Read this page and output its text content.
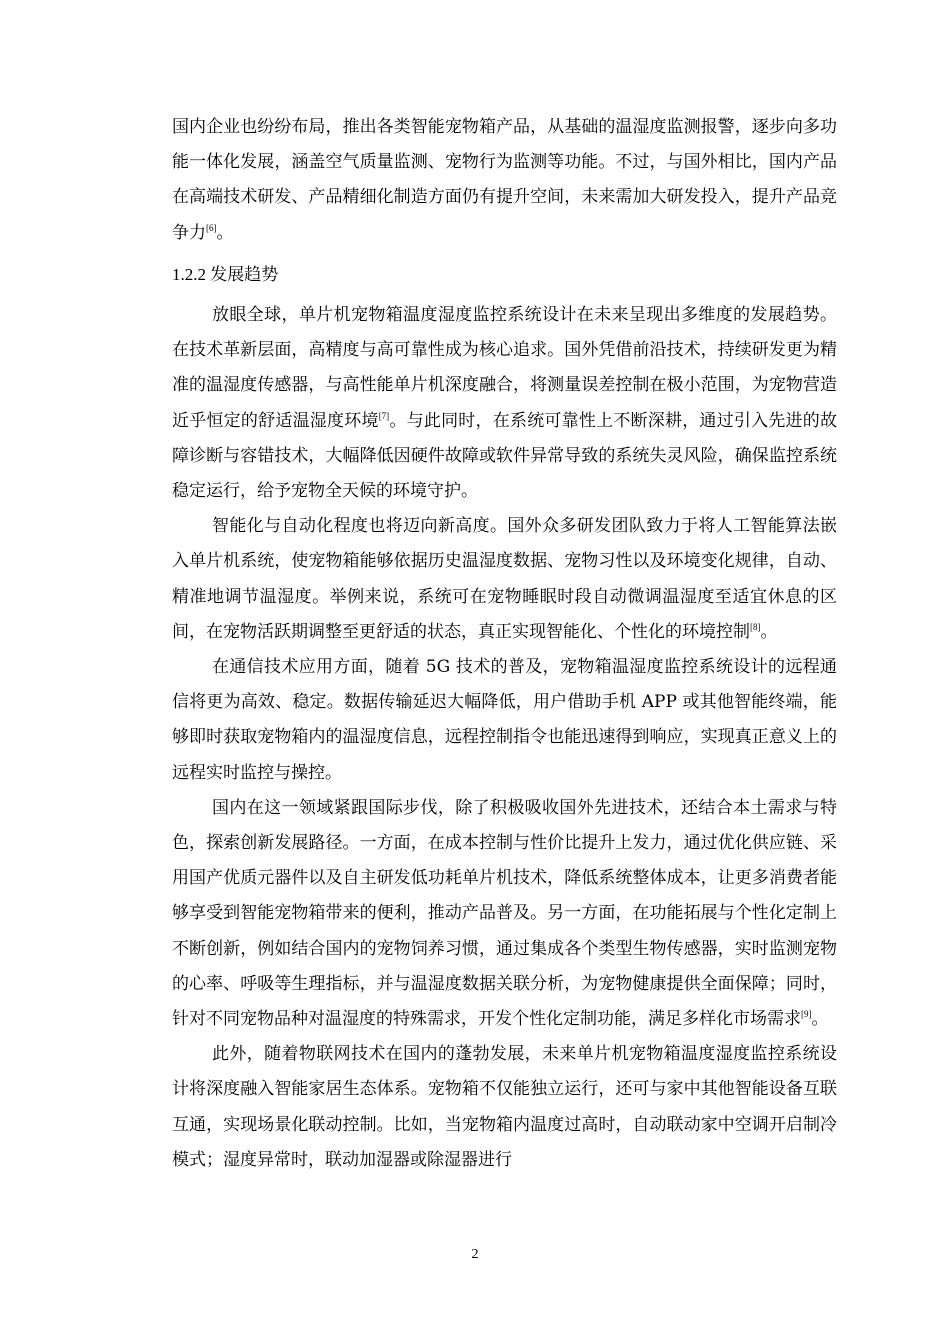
国内企业也纷纷布局，推出各类智能宠物箱产品，从基础的温湿度监测报警，逐步向多功能一体化发展，涵盖空气质量监测、宠物行为监测等功能。不过，与国外相比，国内产品在高端技术研发、产品精细化制造方面仍有提升空间，未来需加大研发投入，提升产品竞争力[6]。

1.2.2 发展趋势

放眼全球，单片机宠物箱温度湿度监控系统设计在未来呈现出多维度的发展趋势。在技术革新层面，高精度与高可靠性成为核心追求。国外凭借前沿技术，持续研发更为精准的温湿度传感器，与高性能单片机深度融合，将测量误差控制在极小范围，为宠物营造近乎恒定的舒适温湿度环境[7]。与此同时，在系统可靠性上不断深耕，通过引入先进的故障诊断与容错技术，大幅降低因硬件故障或软件异常导致的系统失灵风险，确保监控系统稳定运行，给予宠物全天候的环境守护。

智能化与自动化程度也将迈向新高度。国外众多研发团队致力于将人工智能算法嵌入单片机系统，使宠物箱能够依据历史温湿度数据、宠物习性以及环境变化规律，自动、精准地调节温湿度。举例来说，系统可在宠物睡眠时段自动微调温湿度至适宜休息的区间，在宠物活跃期调整至更舒适的状态，真正实现智能化、个性化的环境控制[8]。

在通信技术应用方面，随着 5G 技术的普及，宠物箱温湿度监控系统设计的远程通信将更为高效、稳定。数据传输延迟大幅降低，用户借助手机 APP 或其他智能终端，能够即时获取宠物箱内的温湿度信息，远程控制指令也能迅速得到响应，实现真正意义上的远程实时监控与操控。

国内在这一领域紧跟国际步伐，除了积极吸收国外先进技术，还结合本土需求与特色，探索创新发展路径。一方面，在成本控制与性价比提升上发力，通过优化供应链、采用国产优质元器件以及自主研发低功耗单片机技术，降低系统整体成本，让更多消费者能够享受到智能宠物箱带来的便利，推动产品普及。另一方面，在功能拓展与个性化定制上不断创新，例如结合国内的宠物饲养习惯，通过集成各个类型生物传感器，实时监测宠物的心率、呼吸等生理指标，并与温湿度数据关联分析，为宠物健康提供全面保障；同时，针对不同宠物品种对温湿度的特殊需求，开发个性化定制功能，满足多样化市场需求[9]。

此外，随着物联网技术在国内的蓬勃发展，未来单片机宠物箱温度湿度监控系统设计将深度融入智能家居生态体系。宠物箱不仅能独立运行，还可与家中其他智能设备互联互通，实现场景化联动控制。比如，当宠物箱内温度过高时，自动联动家中空调开启制冷模式；湿度异常时，联动加湿器或除湿器进行

2
